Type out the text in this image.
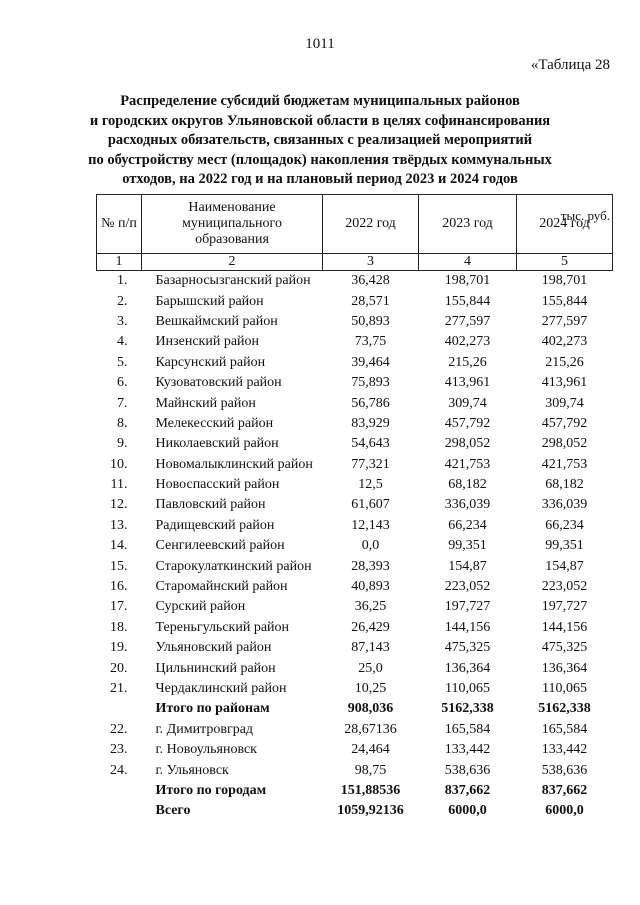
1011
«Таблица 28
Распределение субсидий бюджетам муниципальных районов
и городских округов Ульяновской области в целях софинансирования
расходных обязательств, связанных с реализацией мероприятий
по обустройству мест (площадок) накопления твёрдых коммунальных
отходов, на 2022 год и на плановый период 2023 и 2024 годов
тыс. руб.
№ п/п	Наименование муниципального образования	2022 год	2023 год	2024 год
1	2	3	4	5
1.	Базарносызганский район	36,428	198,701	198,701
2.	Барышский район	28,571	155,844	155,844
3.	Вешкаймский район	50,893	277,597	277,597
4.	Инзенский район	73,75	402,273	402,273
5.	Карсунский район	39,464	215,26	215,26
6.	Кузоватовский район	75,893	413,961	413,961
7.	Майнский район	56,786	309,74	309,74
8.	Мелекесский район	83,929	457,792	457,792
9.	Николаевский район	54,643	298,052	298,052
10.	Новомалыклинский район	77,321	421,753	421,753
11.	Новоспасский район	12,5	68,182	68,182
12.	Павловский район	61,607	336,039	336,039
13.	Радищевский район	12,143	66,234	66,234
14.	Сенгилеевский район	0,0	99,351	99,351
15.	Старокулаткинский район	28,393	154,87	154,87
16.	Старомайнский район	40,893	223,052	223,052
17.	Сурский район	36,25	197,727	197,727
18.	Тереньгульский район	26,429	144,156	144,156
19.	Ульяновский район	87,143	475,325	475,325
20.	Цильнинский район	25,0	136,364	136,364
21.	Чердаклинский район	10,25	110,065	110,065
	Итого по районам	908,036	5162,338	5162,338
22.	г. Димитровград	28,67136	165,584	165,584
23.	г. Новоульяновск	24,464	133,442	133,442
24.	г. Ульяновск	98,75	538,636	538,636
	Итого по городам	151,88536	837,662	837,662
	Всего	1059,92136	6000,0	6000,0
